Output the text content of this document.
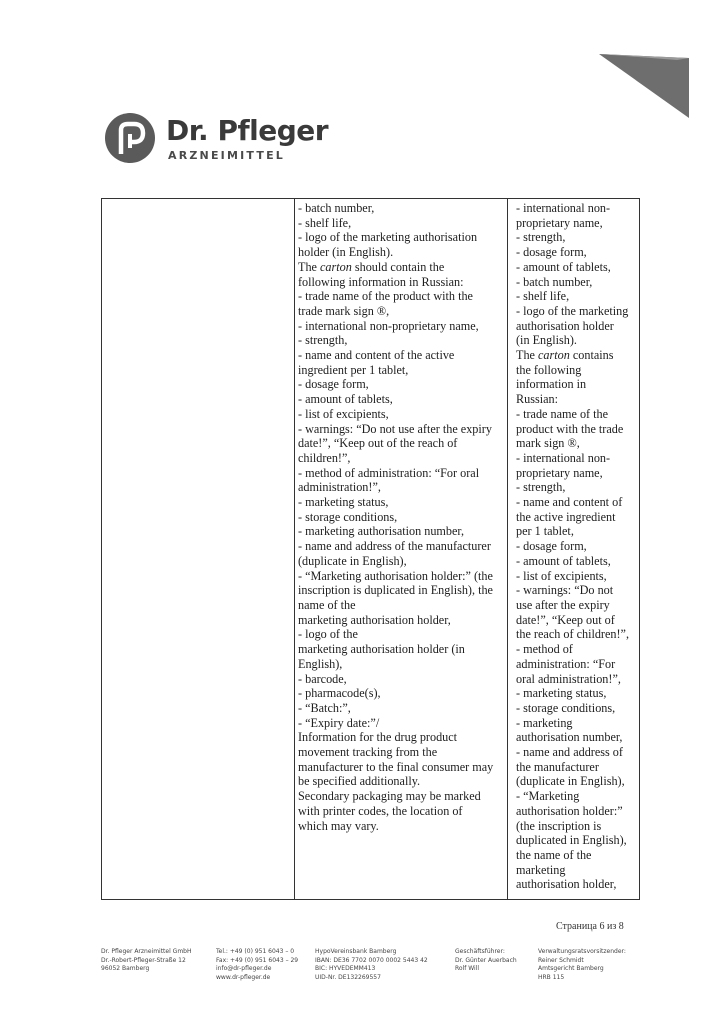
Dr. Pfleger
ARZNEIMITTEL
- batch number,
- shelf life,
- logo of the marketing authorisation
holder (in English).
The carton should contain the
following information in Russian:
- trade name of the product with the
trade mark sign ®,
- international non-proprietary name,
- strength,
- name and content of the active
ingredient per 1 tablet,
- dosage form,
- amount of tablets,
- list of excipients,
- warnings: “Do not use after the expiry
date!”, “Keep out of the reach of
children!”,
- method of administration: “For oral
administration!”,
- marketing status,
- storage conditions,
- marketing authorisation number,
- name and address of the manufacturer
(duplicate in English),
- “Marketing authorisation holder:” (the
inscription is duplicated in English), the
name of the
marketing authorisation holder,
- logo of the
marketing authorisation holder (in
English),
- barcode,
- pharmacode(s),
- “Batch:”,
- “Expiry date:”/
Information for the drug product
movement tracking from the
manufacturer to the final consumer may
be specified additionally.
Secondary packaging may be marked
with printer codes, the location of
which may vary.
- international non-
proprietary name,
- strength,
- dosage form,
- amount of tablets,
- batch number,
- shelf life,
- logo of the marketing
authorisation holder
(in English).
The carton contains
the following
information in
Russian:
- trade name of the
product with the trade
mark sign ®,
- international non-
proprietary name,
- strength,
- name and content of
the active ingredient
per 1 tablet,
- dosage form,
- amount of tablets,
- list of excipients,
- warnings: “Do not
use after the expiry
date!”, “Keep out of
the reach of children!”,
- method of
administration: “For
oral administration!”,
- marketing status,
- storage conditions,
- marketing
authorisation number,
- name and address of
the manufacturer
(duplicate in English),
- “Marketing
authorisation holder:”
(the inscription is
duplicated in English),
the name of the
marketing
authorisation holder,
Страница 6 из 8
Dr. Pfleger Arzneimittel GmbH
Dr.-Robert-Pfleger-Straße 12
96052 Bamberg
Tel.: +49 (0) 951 6043 – 0
Fax: +49 (0) 951 6043 – 29
info@dr-pfleger.de
www.dr-pfleger.de
HypoVereinsbank Bamberg
IBAN: DE36 7702 0070 0002 5443 42
BIC: HYVEDEMM413
UID-Nr. DE132269557
Geschäftsführer:
Dr. Günter Auerbach
Rolf Will
Verwaltungsratsvorsitzender:
Reiner Schmidt
Amtsgericht Bamberg
HRB 115
